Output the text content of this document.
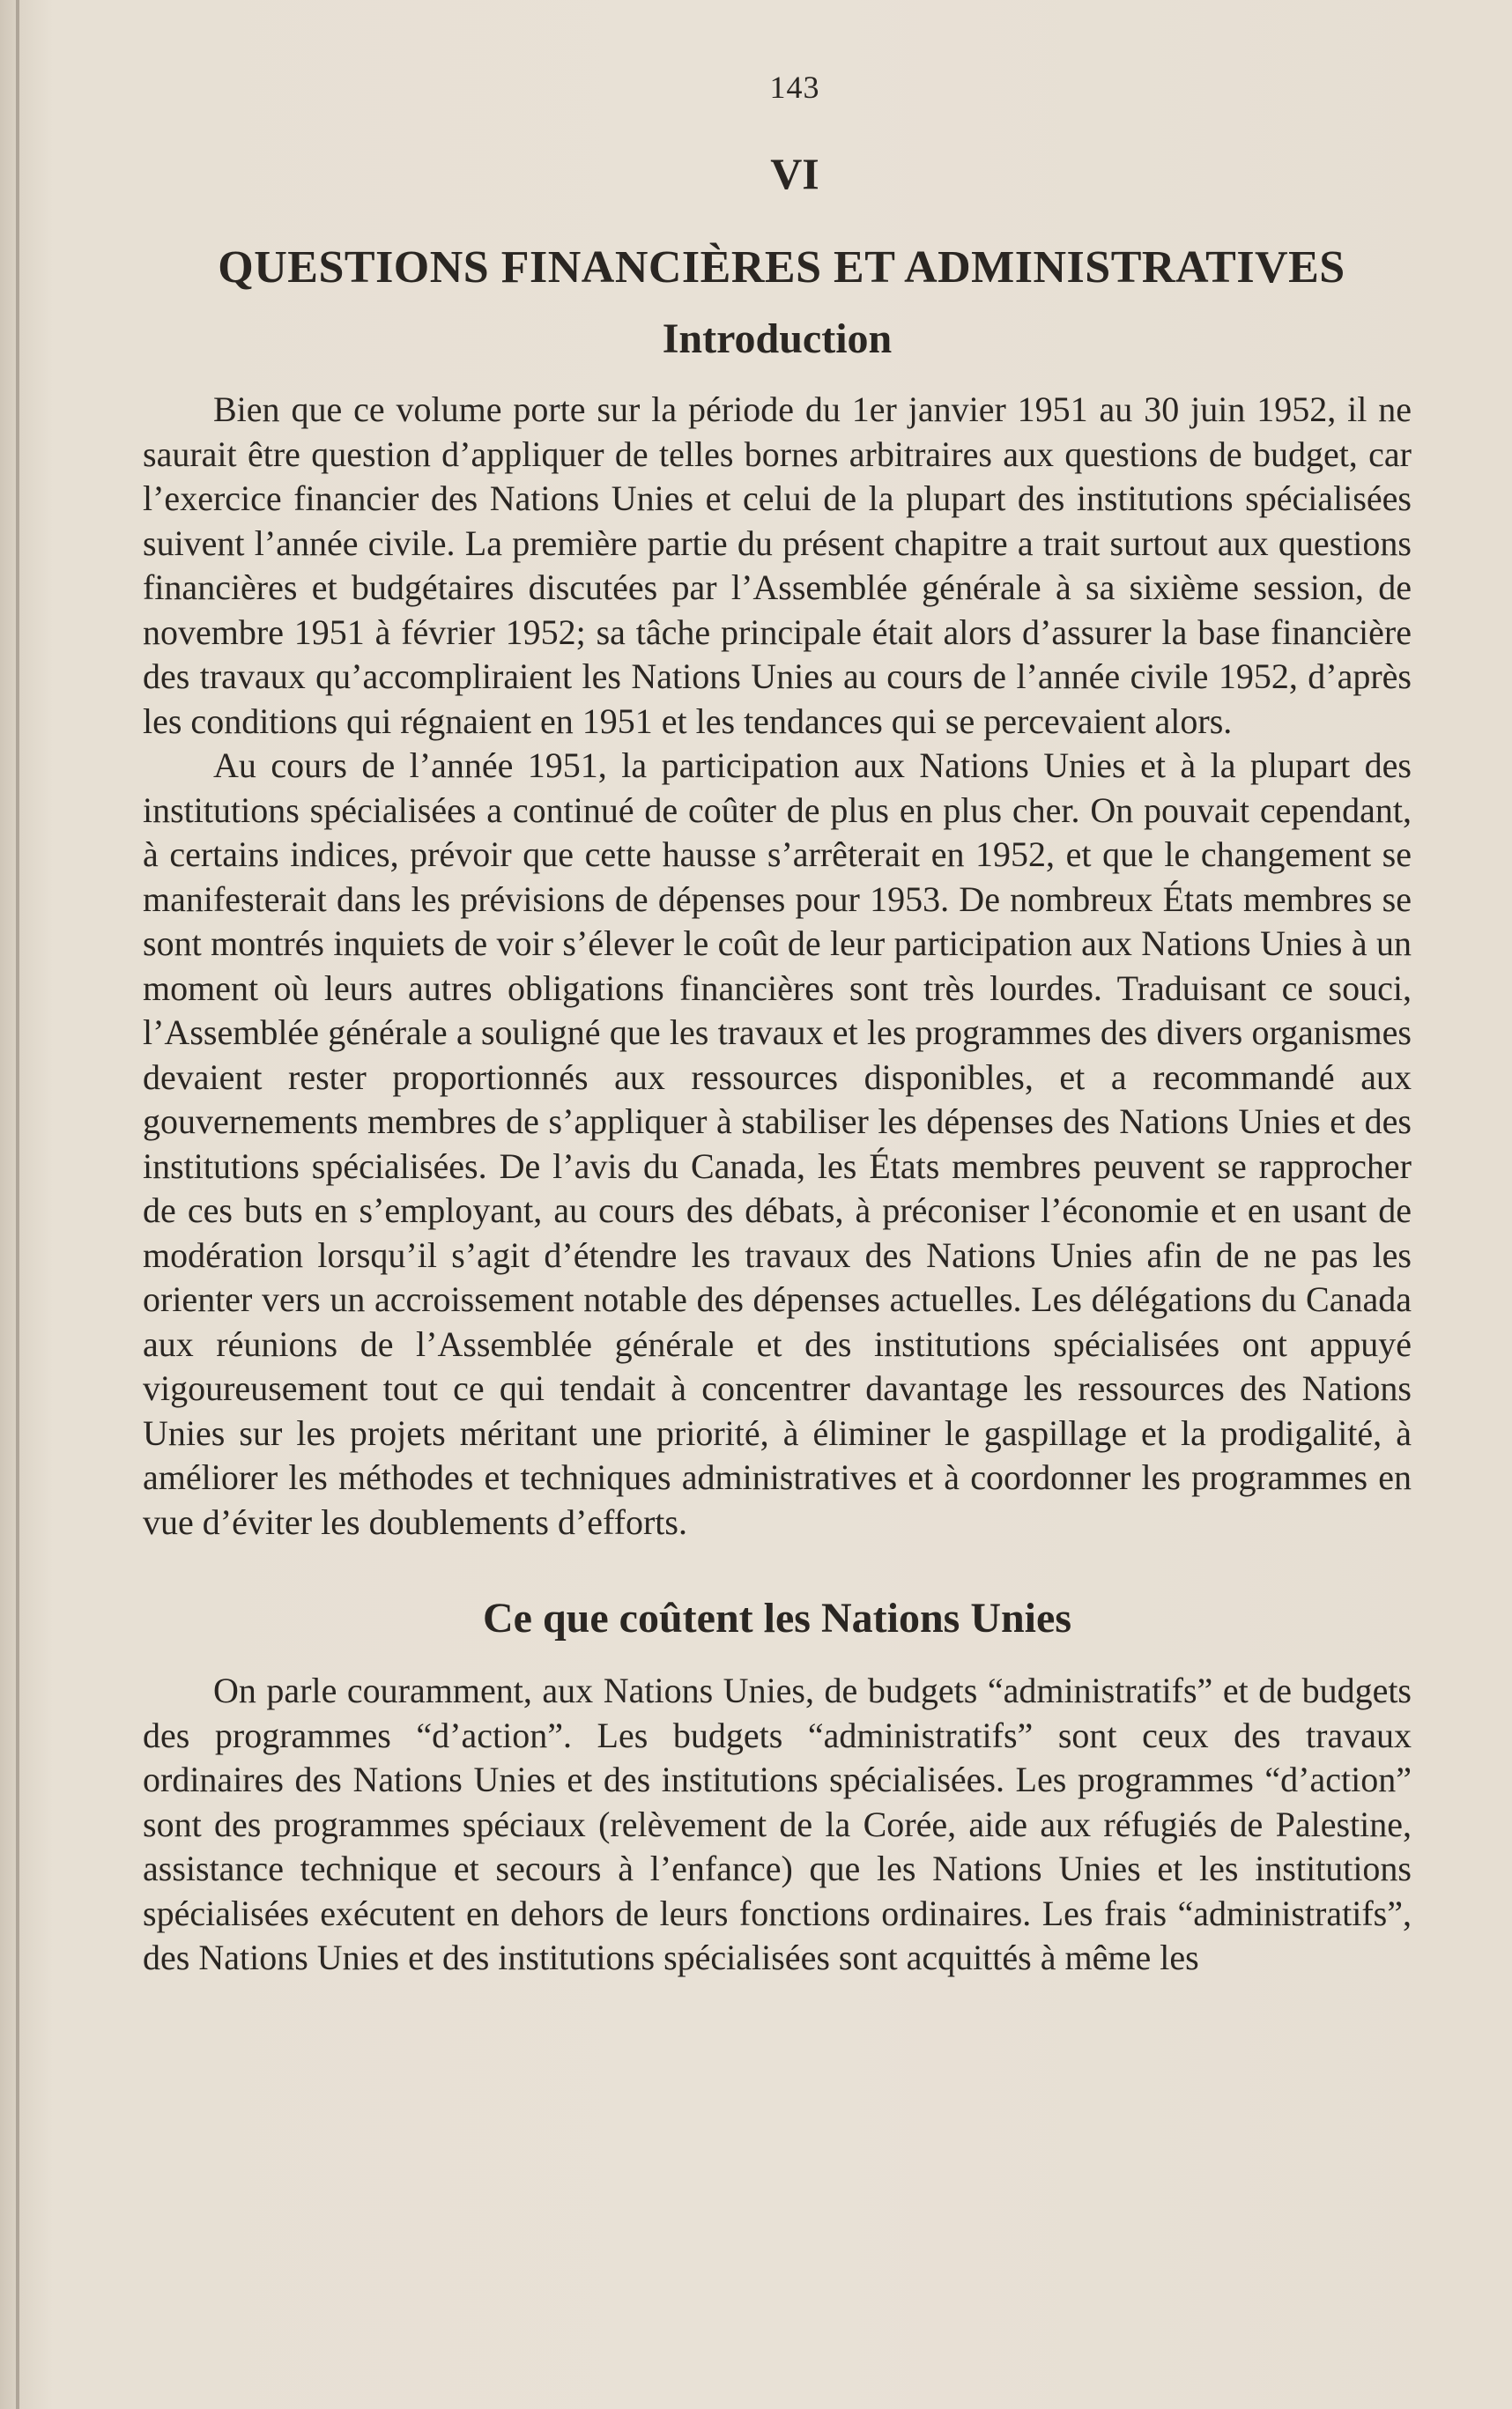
143
VI
QUESTIONS FINANCIÈRES ET ADMINISTRATIVES
Introduction

Bien que ce volume porte sur la période du 1er janvier 1951 au 30 juin 1952, il ne saurait être question d’appliquer de telles bornes arbitraires aux questions de budget, car l’exercice financier des Nations Unies et celui de la plupart des institutions spécialisées suivent l’année civile. La première partie du présent chapitre a trait surtout aux questions financières et budgétaires discutées par l’Assemblée générale à sa sixième session, de novembre 1951 à février 1952; sa tâche principale était alors d’assurer la base financière des travaux qu’accompliraient les Nations Unies au cours de l’année civile 1952, d’après les conditions qui régnaient en 1951 et les tendances qui se percevaient alors.

Au cours de l’année 1951, la participation aux Nations Unies et à la plupart des institutions spécialisées a continué de coûter de plus en plus cher. On pouvait cependant, à certains indices, prévoir que cette hausse s’arrêterait en 1952, et que le changement se manifesterait dans les prévisions de dépenses pour 1953. De nombreux États membres se sont montrés inquiets de voir s’élever le coût de leur participation aux Nations Unies à un moment où leurs autres obligations financières sont très lourdes. Traduisant ce souci, l’Assemblée générale a souligné que les travaux et les programmes des divers organismes devaient rester proportionnés aux ressources disponibles, et a recommandé aux gouvernements membres de s’appliquer à stabiliser les dépenses des Nations Unies et des institutions spécialisées. De l’avis du Canada, les États membres peuvent se rapprocher de ces buts en s’employant, au cours des débats, à préconiser l’économie et en usant de modération lorsqu’il s’agit d’étendre les travaux des Nations Unies afin de ne pas les orienter vers un accroissement notable des dépenses actuelles. Les délégations du Canada aux réunions de l’Assemblée générale et des institutions spécialisées ont appuyé vigoureusement tout ce qui tendait à concentrer davantage les ressources des Nations Unies sur les projets méritant une priorité, à éliminer le gaspillage et la prodigalité, à améliorer les méthodes et techniques administratives et à coordonner les programmes en vue d’éviter les doublements d’efforts.

Ce que coûtent les Nations Unies

On parle couramment, aux Nations Unies, de budgets “administratifs” et de budgets des programmes “d’action”. Les budgets “administratifs” sont ceux des travaux ordinaires des Nations Unies et des institutions spécialisées. Les programmes “d’action” sont des programmes spéciaux (relèvement de la Corée, aide aux réfugiés de Palestine, assistance technique et secours à l’enfance) que les Nations Unies et les institutions spécialisées exécutent en dehors de leurs fonctions ordinaires. Les frais “administratifs”, des Nations Unies et des institutions spécialisées sont acquittés à même les
